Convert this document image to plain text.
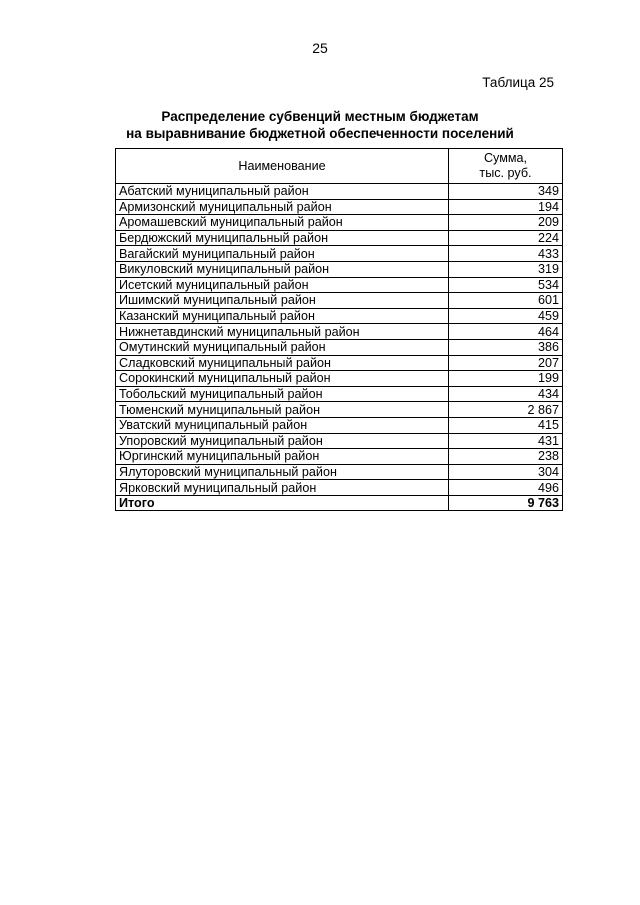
25
Таблица 25
Распределение субвенций местным бюджетам
на выравнивание бюджетной обеспеченности поселений
Наименование	Сумма,
тыс. руб.

Абатский муниципальный район	349
Армизонский муниципальный район	194
Аромашевский муниципальный район	209
Бердюжский муниципальный район	224
Вагайский муниципальный район	433
Викуловский муниципальный район	319
Исетский муниципальный район	534
Ишимский муниципальный район	601
Казанский муниципальный район	459
Нижнетавдинский муниципальный район	464
Омутинский муниципальный район	386
Сладковский муниципальный район	207
Сорокинский муниципальный район	199
Тобольский муниципальный район	434
Тюменский муниципальный район	2 867
Уватский муниципальный район	415
Упоровский муниципальный район	431
Юргинский муниципальный район	238
Ялуторовский муниципальный район	304
Ярковский муниципальный район	496
Итого	9 763
